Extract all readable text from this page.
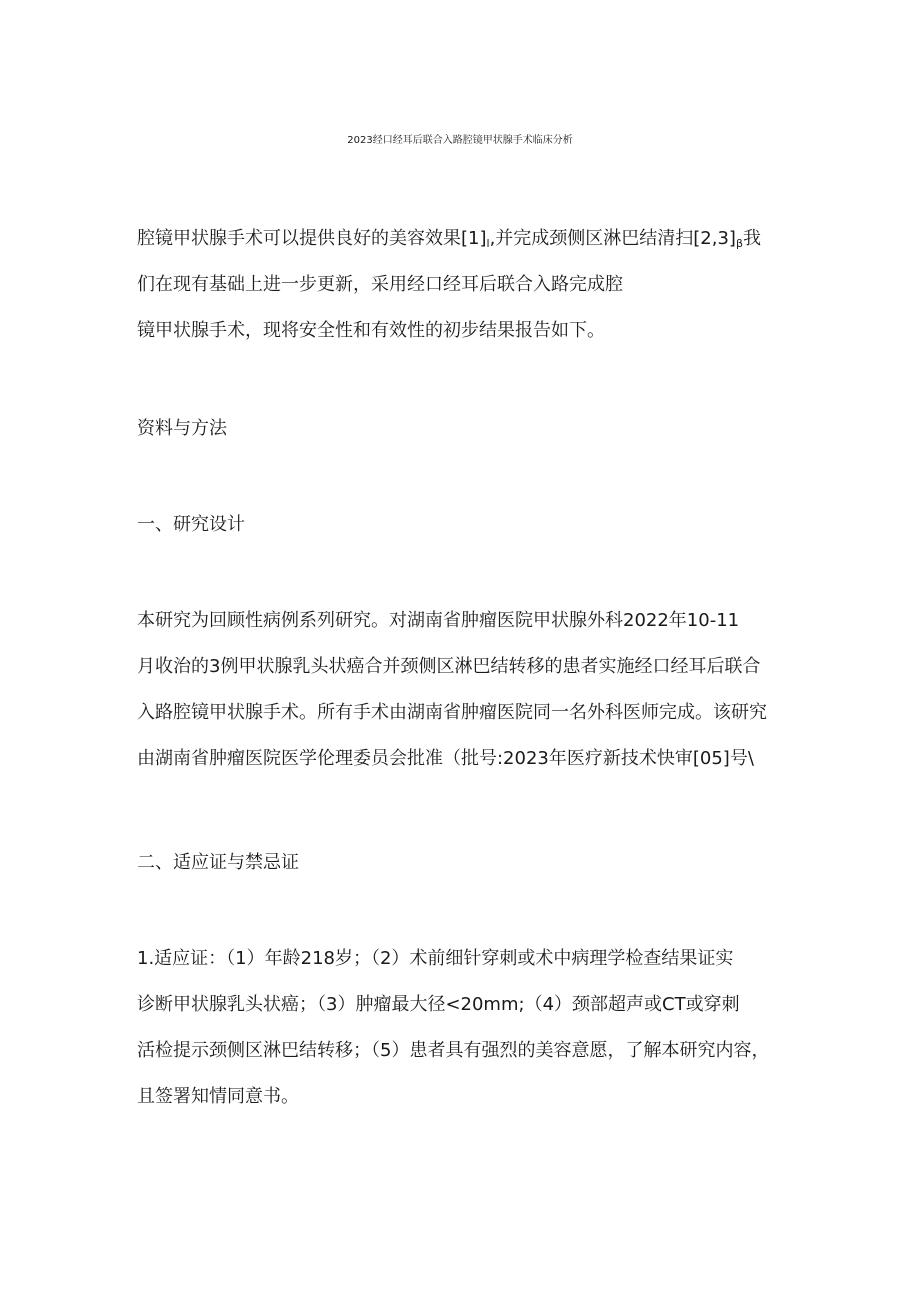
2023经口经耳后联合入路腔镜甲状腺手术临床分析
腔镜甲状腺手术可以提供良好的美容效果$[1]_l$,并完成颈侧区淋巴结清扫$[2,3]_\beta$我
们在现有基础上进一步更新，采用经口经耳后联合入路完成腔
镜甲状腺手术，现将安全性和有效性的初步结果报告如下。
资料与方法
一、研究设计
本研究为回顾性病例系列研究。对湖南省肿瘤医院甲状腺外科2022年10-11
月收治的3例甲状腺乳头状癌合并颈侧区淋巴结转移的患者实施经口经耳后联合
入路腔镜甲状腺手术。所有手术由湖南省肿瘤医院同一名外科医师完成。该研究
由湖南省肿瘤医院医学伦理委员会批准（批号:2023年医疗新技术快审[05]号\
二、适应证与禁忌证
1.适应证：（1）年龄218岁；（2）术前细针穿刺或术中病理学检查结果证实
诊断甲状腺乳头状癌；（3）肿瘤最大径<20mm;（4）颈部超声或CT或穿刺
活检提示颈侧区淋巴结转移；（5）患者具有强烈的美容意愿，了解本研究内容，
且签署知情同意书。
